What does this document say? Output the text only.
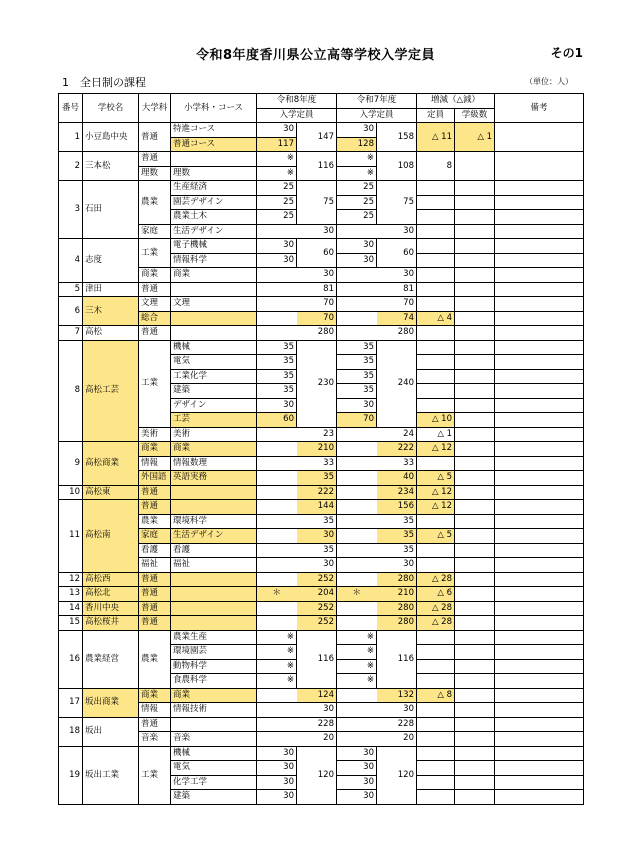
令和8年度香川県公立高等学校入学定員	その1
1　全日制の課程	（単位：人）
番号	学校名	大学科	小学科・コース	令和8年度		令和7年度		増減（△減）		備考
				入学定員		入学定員		定員	学級数	
1	小豆島中央	普通	特進コース	30	147	30	158	△ 11	△ 1	
			普通コース	117		128				
2	三本松	普通		※	116	※	108	8		
		理数	理数	※		※				
3	石田	農業	生産経済	25	75	25	75			
			園芸デザイン	25		25				
			農業土木	25		25				
		家庭	生活デザイン		30		30			
4	志度	工業	電子機械	30	60	30	60			
			情報科学	30		30				
		商業	商業		30		30			
5	津田	普通			81		81			
6	三木	文理	文理		70		70			
		総合			70		74	△ 4		
7	高松	普通			280		280			
8	高松工芸	工業	機械	35	230	35	240			
			電気	35		35				
			工業化学	35		35				
			建築	35		35				
			デザイン	30		30				
			工芸	60		70		△ 10		
		美術	美術		23		24	△ 1		
9	高松商業	商業	商業		210		222	△ 12		
		情報	情報数理		33		33			
		外国語	英語実務		35		40	△ 5		
10	高松東	普通			222		234	△ 12		
11	高松南	普通			144		156	△ 12		
		農業	環境科学		35		35			
		家庭	生活デザイン		30		35	△ 5		
		看護	看護		35		35			
		福祉	福祉		30		30			
12	高松西	普通			252		280	△ 28		
13	高松北	普通		＊	204	＊	210	△ 6		
14	香川中央	普通			252		280	△ 28		
15	高松桜井	普通			252		280	△ 28		
16	農業経営	農業	農業生産	※	116	※	116			
			環境園芸	※		※				
			動物科学	※		※				
			食農科学	※		※				
17	坂出商業	商業	商業		124		132	△ 8		
		情報	情報技術		30		30			
18	坂出	普通			228		228			
		音楽	音楽		20		20			
19	坂出工業	工業	機械	30	120	30	120			
			電気	30		30				
			化学工学	30		30				
			建築	30		30				
